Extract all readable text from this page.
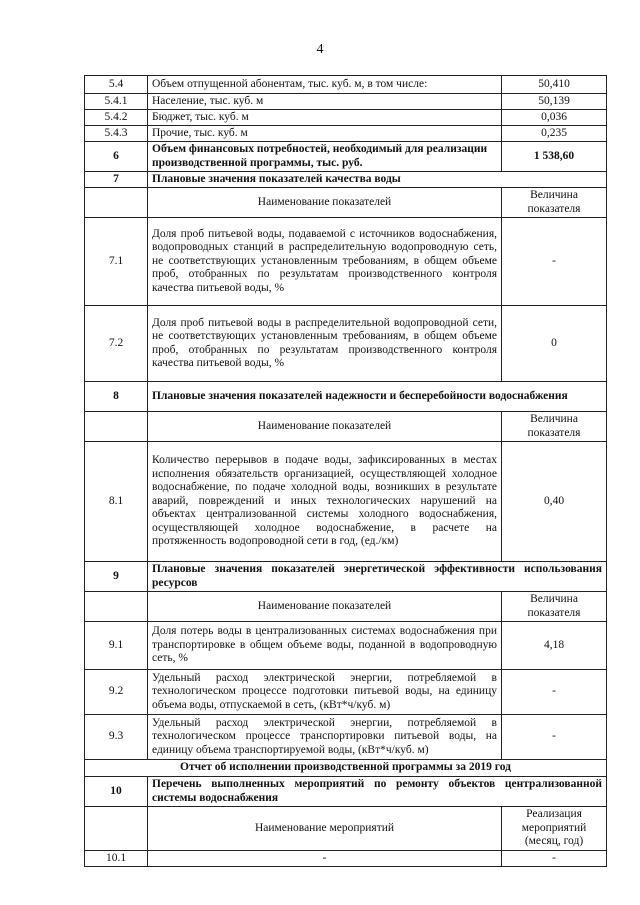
4
5.4	Объем отпущенной абонентам, тыс. куб. м, в том числе:	50,410
5.4.1	Население, тыс. куб. м	50,139
5.4.2	Бюджет, тыс. куб. м	0,036
5.4.3	Прочие, тыс. куб. м	0,235
6	Объем финансовых потребностей, необходимый для реализации производственной программы, тыс. руб.	1 538,60
7	Плановые значения показателей качества воды	
	Наименование показателей	Величина показателя
7.1	Доля проб питьевой воды, подаваемой с источников водоснабжения, водопроводных станций в распределительную водопроводную сеть, не соответствующих установленным требованиям, в общем объеме проб, отобранных по результатам производственного контроля качества питьевой воды, %	-
7.2	Доля проб питьевой воды в распределительной водопроводной сети, не соответствующих установленным требованиям, в общем объеме проб, отобранных по результатам производственного контроля качества питьевой воды, %	0
8	Плановые значения показателей надежности и бесперебойности водоснабжения	
	Наименование показателей	Величина показателя
8.1	Количество перерывов в подаче воды, зафиксированных в местах исполнения обязательств организацией, осуществляющей холодное водоснабжение, по подаче холодной воды, возникших в результате аварий, повреждений и иных технологических нарушений на объектах централизованной системы холодного водоснабжения, осуществляющей холодное водоснабжение, в расчете на протяженность водопроводной сети в год, (ед./км)	0,40
9	Плановые значения показателей энергетической эффективности использования ресурсов	
	Наименование показателей	Величина показателя
9.1	Доля потерь воды в централизованных системах водоснабжения при транспортировке в общем объеме воды, поданной в водопроводную сеть, %	4,18
9.2	Удельный расход электрической энергии, потребляемой в технологическом процессе подготовки питьевой воды, на единицу объема воды, отпускаемой в сеть, (кВт*ч/куб. м)	-
9.3	Удельный расход электрической энергии, потребляемой в технологическом процессе транспортировки питьевой воды, на единицу объема транспортируемой воды, (кВт*ч/куб. м)	-
Отчет об исполнении производственной программы за 2019 год		
10	Перечень выполненных мероприятий по ремонту объектов централизованной системы водоснабжения	
	Наименование мероприятий	Реализация мероприятий (месяц, год)
10.1	-	-
